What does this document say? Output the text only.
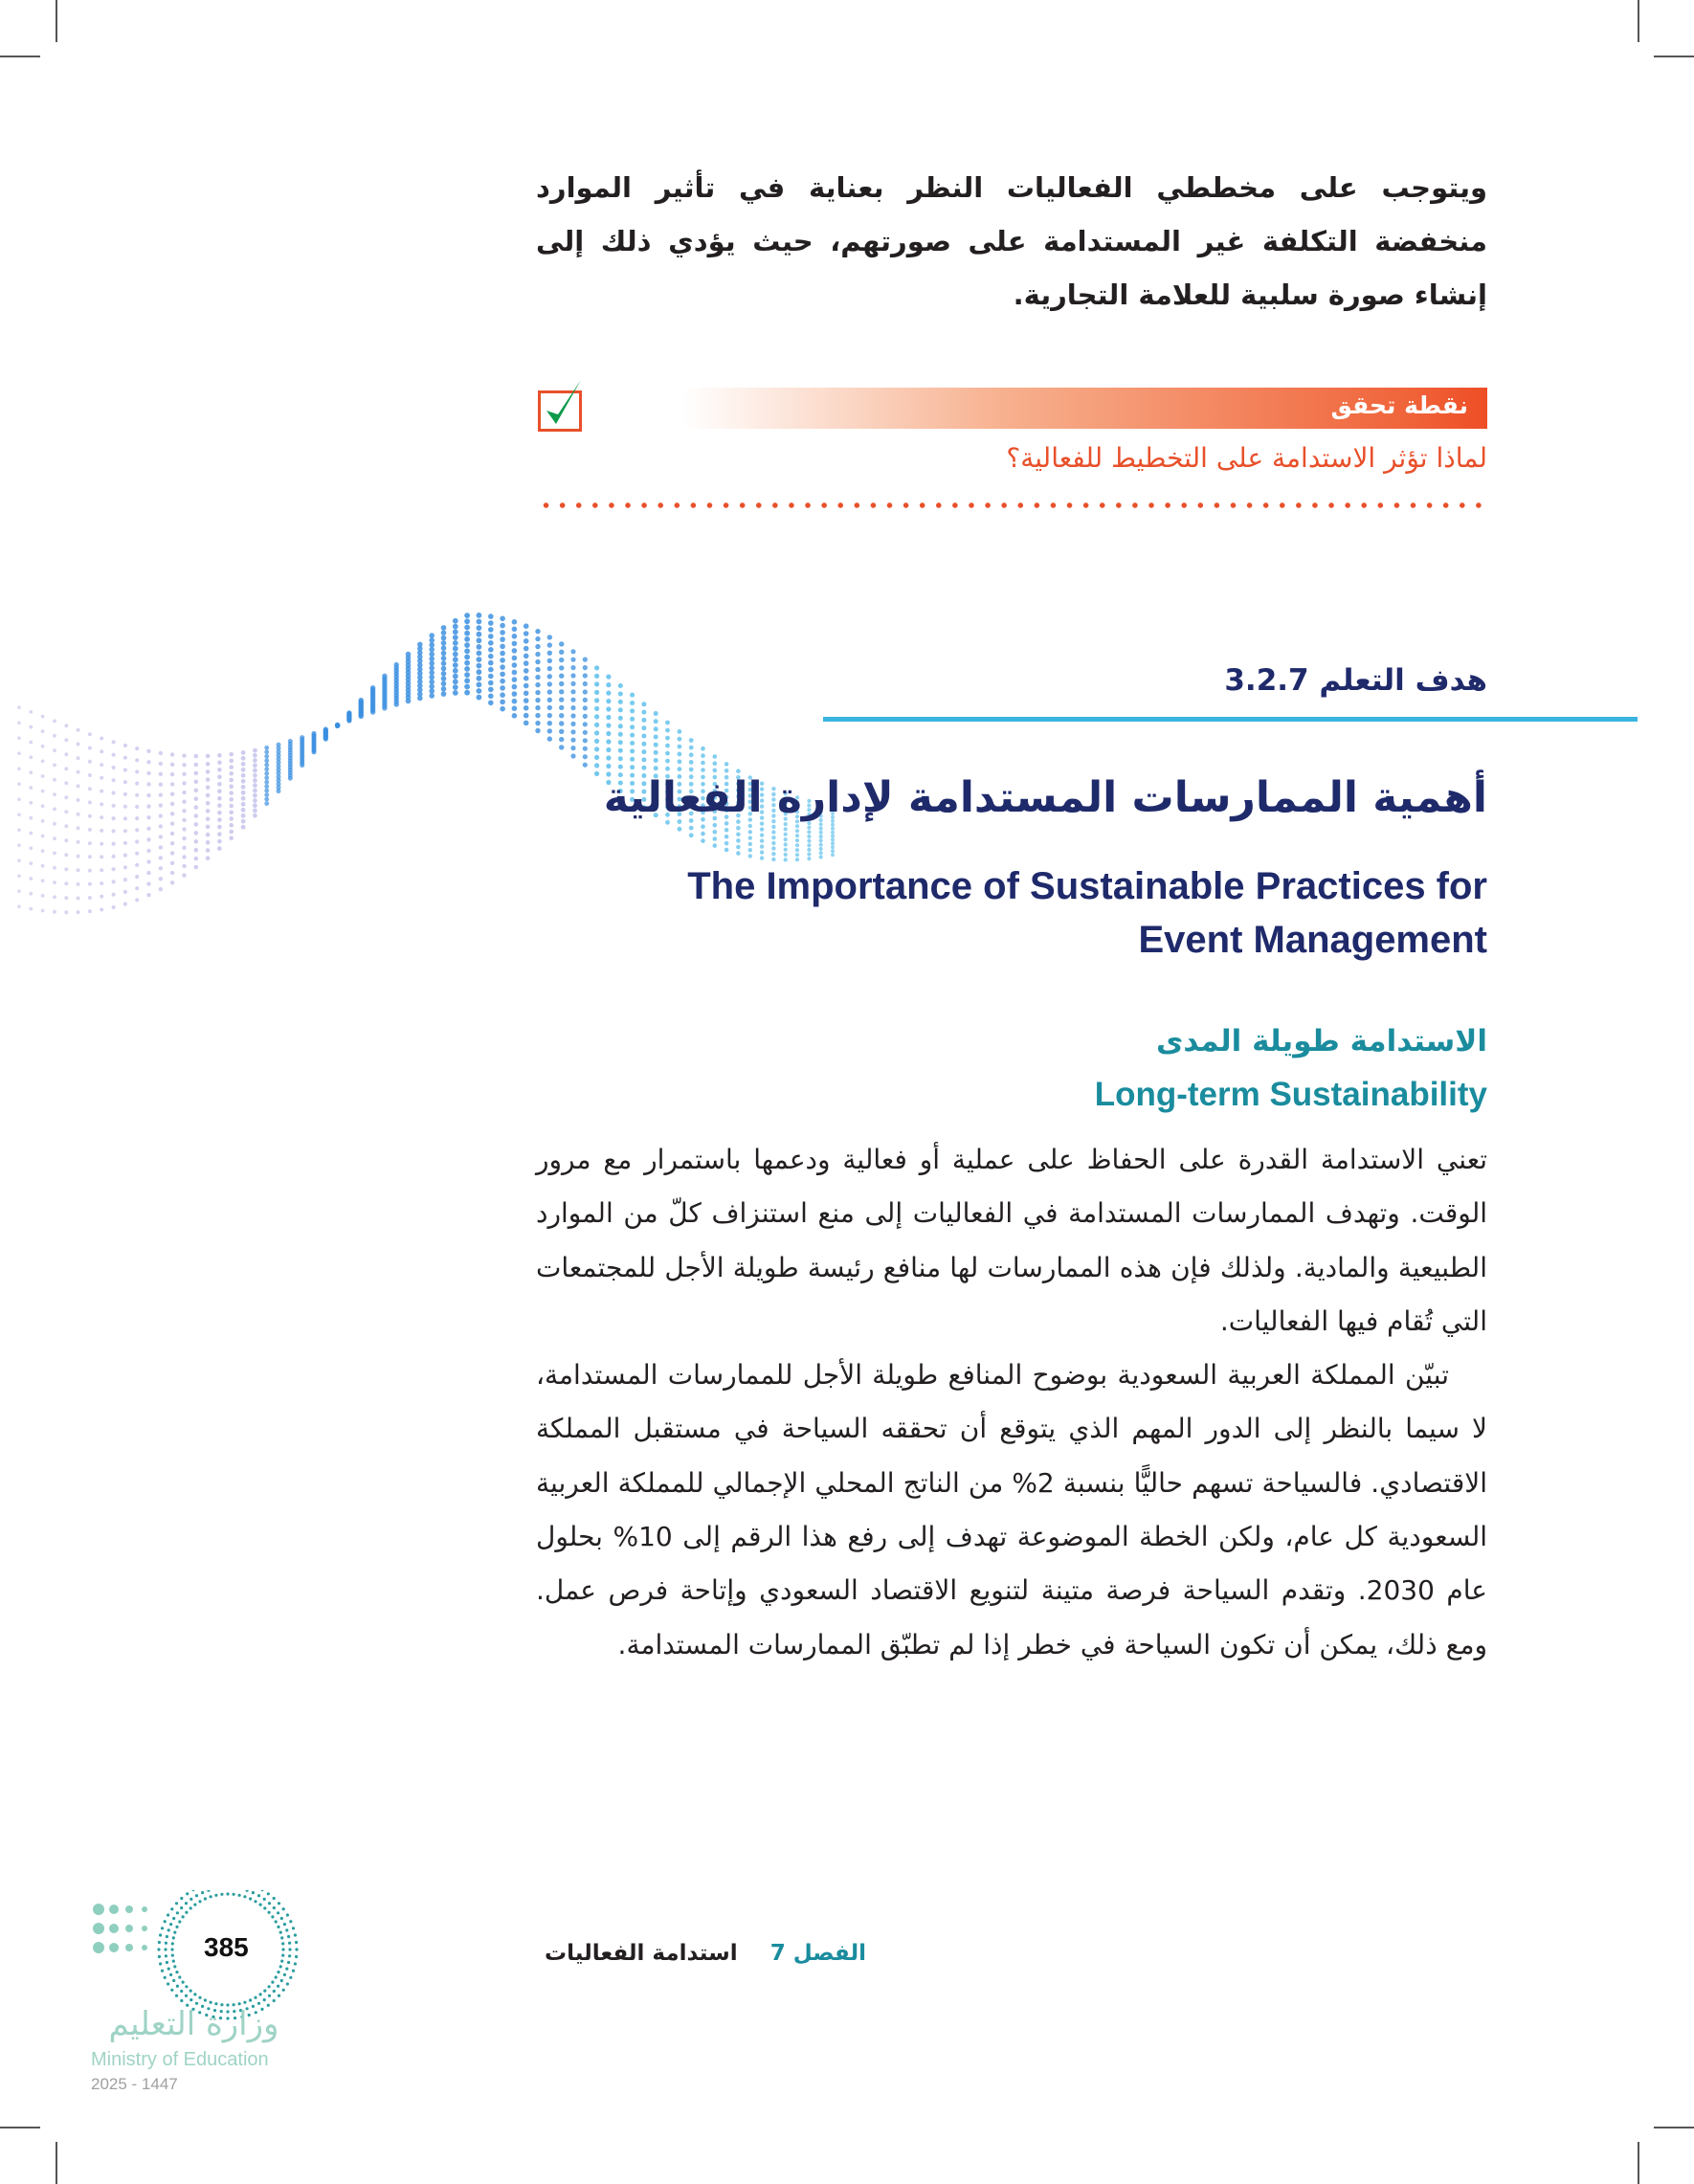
ويتوجب على مخططي الفعاليات النظر بعناية في تأثير الموارد منخفضة التكلفة غير المستدامة على صورتهم، حيث يؤدي ذلك إلى إنشاء صورة سلبية للعلامة التجارية.

نقطة تحقق
لماذا تؤثر الاستدامة على التخطيط للفعالية؟
هدف التعلم 3.2.7
أهمية الممارسات المستدامة لإدارة الفعالية
The Importance of Sustainable Practices for
Event Management
الاستدامة طويلة المدى
Long-term Sustainability

تعني الاستدامة القدرة على الحفاظ على عملية أو فعالية ودعمها باستمرار مع مرور الوقت. وتهدف الممارسات المستدامة في الفعاليات إلى منع استنزاف كلّ من الموارد الطبيعية والمادية. ولذلك فإن هذه الممارسات لها منافع رئيسة طويلة الأجل للمجتمعات التي تُقام فيها الفعاليات.

تبيّن المملكة العربية السعودية بوضوح المنافع طويلة الأجل للممارسات المستدامة، لا سيما بالنظر إلى الدور المهم الذي يتوقع أن تحققه السياحة في مستقبل المملكة الاقتصادي. فالسياحة تسهم حاليًّا بنسبة 2% من الناتج المحلي الإجمالي للمملكة العربية السعودية كل عام، ولكن الخطة الموضوعة تهدف إلى رفع هذا الرقم إلى 10% بحلول عام 2030. وتقدم السياحة فرصة متينة لتنويع الاقتصاد السعودي وإتاحة فرص عمل. ومع ذلك، يمكن أن تكون السياحة في خطر إذا لم تطبّق الممارسات المستدامة.

الفصل 7 استدامة الفعاليات
385
وزارة التعليم
Ministry of Education
2025 - 1447
